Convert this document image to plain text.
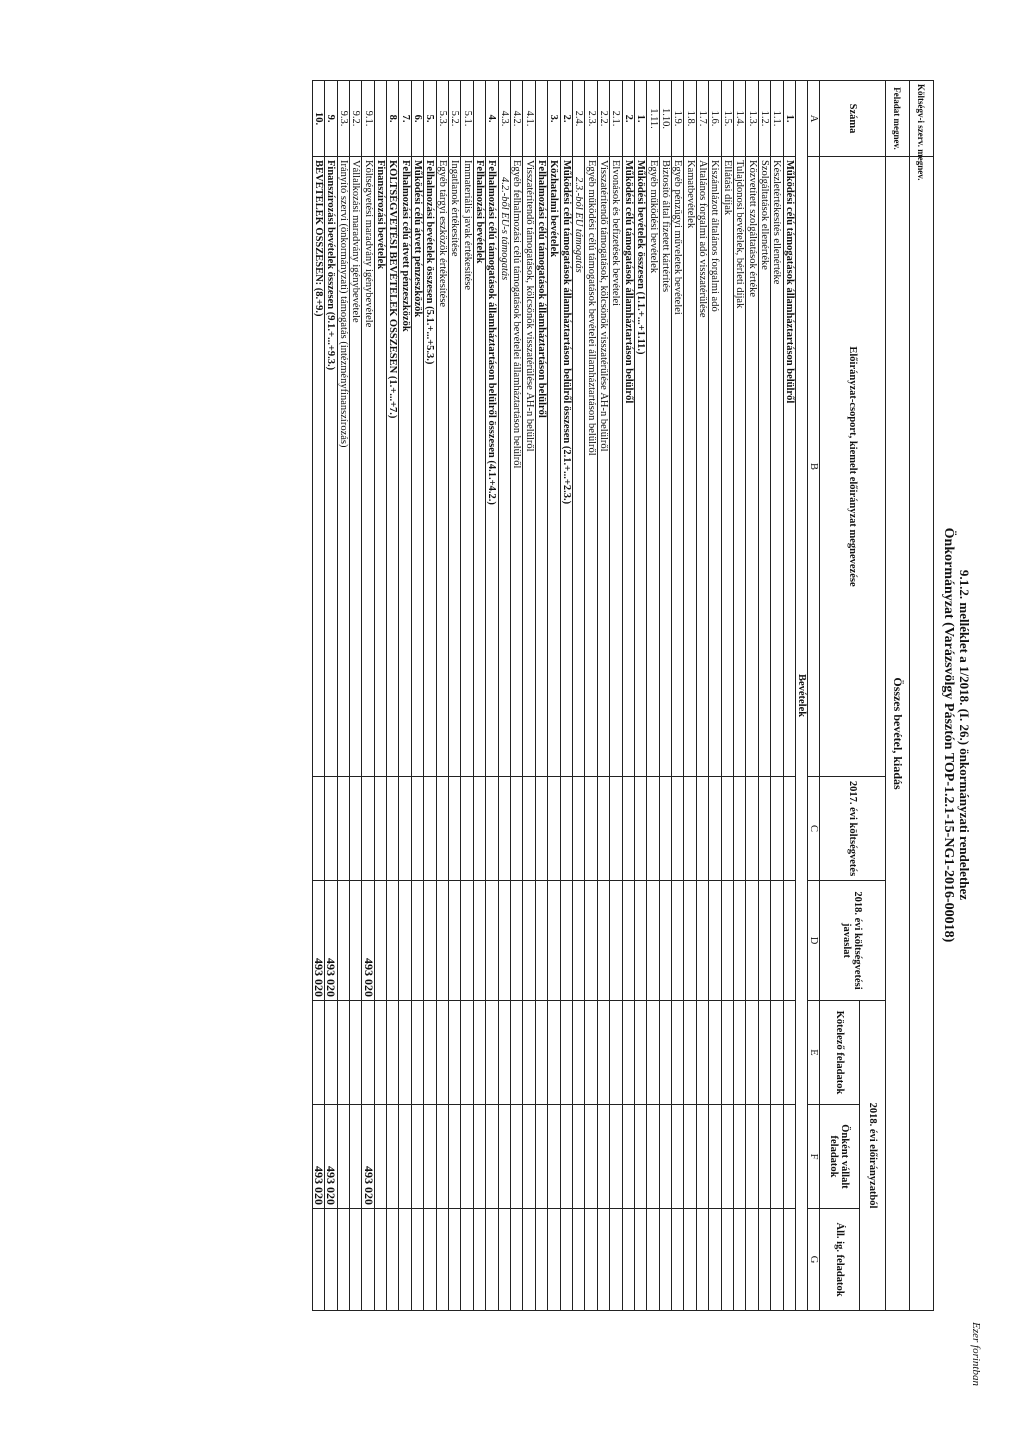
Ezer forintban
9.1.2. melléklet a 1/2018. (I. 26.) önkormányzati rendelethez
Önkormányzat (Varázsvölgy Pásztón TOP-1.2.1-15-NG1-2016-00018)
Költségv-i szerv. megnev.						
Feladat megnev.	Összes bevétel, kiadás					
Száma	Előirányzat-csoport, kiemelt előirányzat megnevezése	2017. évi költségvetés	2018. évi költségvetési javaslat	2018. évi előirányzatból		
				Kötelező feladatok	Önként vállalt feladatok	Áll. ig. feladatok
A	B	C	D	E	F	G
Bevételek						
1.	Működési célú támogatások államháztartáson belülről					
1.1.	Készletértékesítés ellenértéke					
1.2.	Szolgáltatások ellenértéke					
1.3.	Közvetített szolgáltatások értéke					
1.4.	Tulajdonosi bevételek, bérleti díjak					
1.5.	Ellátási díjak					
1.6.	Kiszámlázott általános forgalmi adó					
1.7.	Általános forgalmi adó visszatérülése					
1.8.	Kamatbevételek					
1.9.	Egyéb pénzügyi műveletek bevételei					
1.10.	Biztosító által fizetett kártérítés					
1.11.	Egyéb működési bevételek					
1.	Működési bevételek összesen (1.1.+...+1.11.)					
2.	Működési célú támogatások államháztartáson belülről					
2.1.	Elvonások és befizetések bevételei					
2.2.	Visszatérítendő támogatások, kölcsönök visszatérülése ÁH-n belülről					
2.3.	Egyéb működési célú támogatások bevételei államháztartáson belülről					
2.4.	2.3.-ból EU támogatás					
2.	Működési célú támogatások államháztartáson belülről összesen (2.1.+...+2.3.)					
3.	Közhatalmi bevételek					
	Felhalmozási célú támogatások államháztartáson belülről					
4.1.	Visszatérítendő támogatások, kölcsönök visszatérülése ÁH-n belülről					
4.2.	Egyéb felhalmozási célú támogatások bevételei államháztartáson belülről					
4.3.	4.2.-ből EU-s támogatás					
4.	Felhalmozási célú támogatások államháztartáson belülről összesen (4.1.+4.2.)					
	Felhalmozási bevételek					
5.1.	Immateriális javak értékesítése					
5.2.	Ingatlanok értékesítése					
5.3.	Egyéb tárgyi eszközök értékesítése					
5.	Felhalmozási bevételek összesen (5.1.+...+5.3.)					
6.	Működési célú átvett pénzeszközök					
7.	Felhalmozási célú átvett pénzeszközök					
8.	KÖLTSÉGVETÉSI BEVÉTELEK ÖSSZESEN (1.+...+7.)					
	Finanszírozási bevételek					
9.1.	Költségvetési maradvány igénybevétele		493 020		493 020	
9.2.	Vállalkozási maradvány igénybevétele					
9.3.	Irányító szervi (önkormányzati) támogatás (intézményfinanszírozás)					
9.	Finanszírozási bevételek összesen (9.1.+...+9.3.)		493 020		493 020	
10.	BEVÉTELEK ÖSSZESEN: (8.+9.)		493 020		493 020	
